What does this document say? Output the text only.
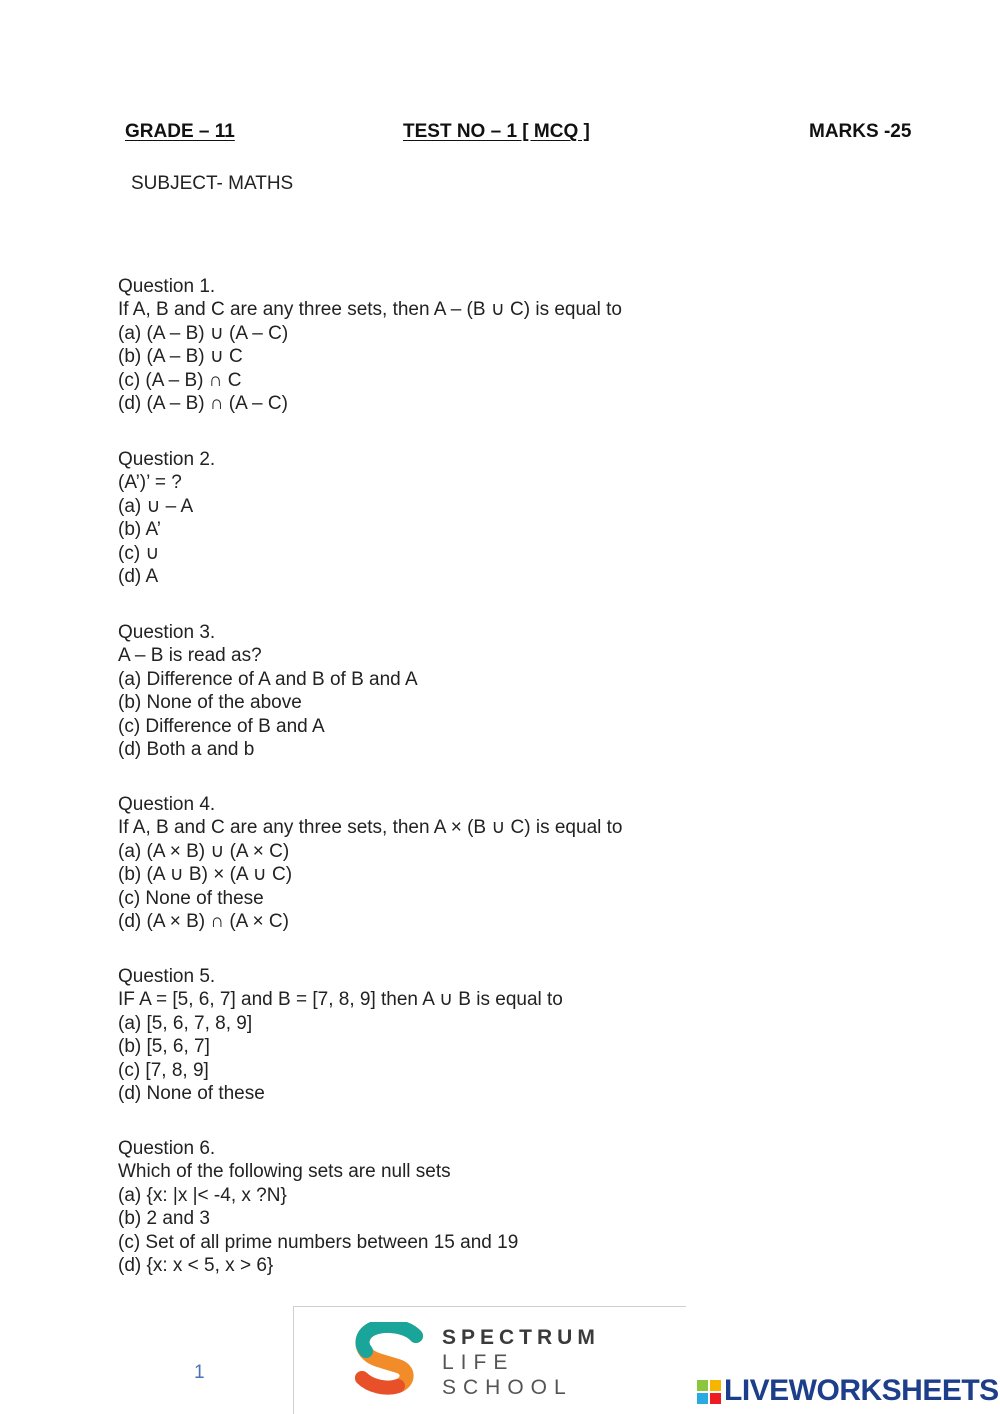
GRADE – 11	TEST NO – 1 [ MCQ ]	MARKS -25
SUBJECT- MATHS
Question 1.
If A, B and C are any three sets, then A – (B ∪ C) is equal to
(a) (A – B) ∪ (A – C)
(b) (A – B) ∪ C
(c) (A – B) ∩ C
(d) (A – B) ∩ (A – C)
Question 2.
(A’)’ = ?
(a) ∪ – A
(b) A’
(c) ∪
(d) A
Question 3.
A – B is read as?
(a) Difference of A and B of B and A
(b) None of the above
(c) Difference of B and A
(d) Both a and b
Question 4.
If A, B and C are any three sets, then A × (B ∪ C) is equal to
(a) (A × B) ∪ (A × C)
(b) (A ∪ B) × (A ∪ C)
(c) None of these
(d) (A × B) ∩ (A × C)
Question 5.
IF A = [5, 6, 7] and B = [7, 8, 9] then A ∪ B is equal to
(a) [5, 6, 7, 8, 9]
(b) [5, 6, 7]
(c) [7, 8, 9]
(d) None of these
Question 6.
Which of the following sets are null sets
(a) {x: |x |< -4, x ?N}
(b) 2 and 3
(c) Set of all prime numbers between 15 and 19
(d) {x: x < 5, x > 6}
1
SPECTRUM
LIFE
SCHOOL	LIVEWORKSHEETS
